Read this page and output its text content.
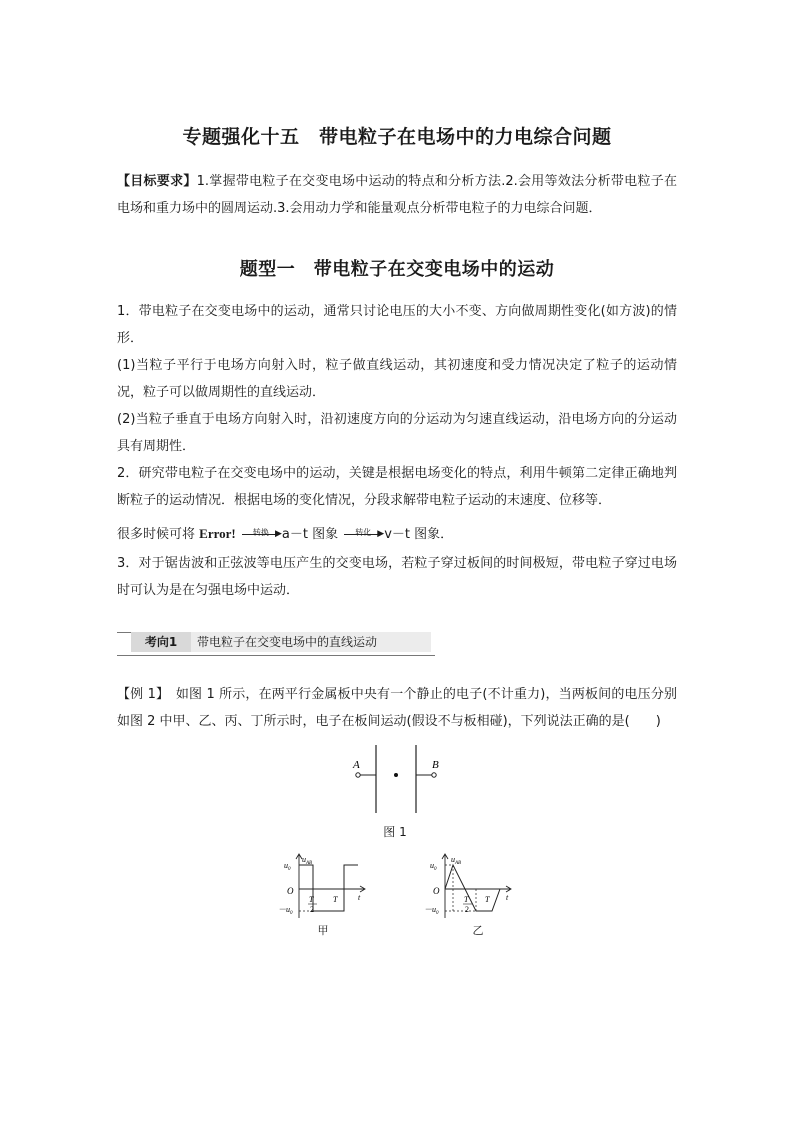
专题强化十五　带电粒子在电场中的力电综合问题
【目标要求】1.掌握带电粒子在交变电场中运动的特点和分析方法.2.会用等效法分析带电粒子在电场和重力场中的圆周运动.3.会用动力学和能量观点分析带电粒子的力电综合问题．
题型一　带电粒子在交变电场中的运动
1．带电粒子在交变电场中的运动，通常只讨论电压的大小不变、方向做周期性变化(如方波)的情形．
(1)当粒子平行于电场方向射入时，粒子做直线运动，其初速度和受力情况决定了粒子的运动情况，粒子可以做周期性的直线运动．
(2)当粒子垂直于电场方向射入时，沿初速度方向的分运动为匀速直线运动，沿电场方向的分运动具有周期性．
2．研究带电粒子在交变电场中的运动，关键是根据电场变化的特点，利用牛顿第二定律正确地判断粒子的运动情况．根据电场的变化情况，分段求解带电粒子运动的末速度、位移等．
很多时候可将 Error!	转换 ▶ a－t 图象	转化 ▶ v－t 图象．
3．对于锯齿波和正弦波等电压产生的交变电场，若粒子穿过板间的时间极短，带电粒子穿过电场时可认为是在匀强电场中运动．
考向1	带电粒子在交变电场中的直线运动
【例 1】　如图 1 所示，在两平行金属板中央有一个静止的电子(不计重力)，当两板间的电压分别如图 2 中甲、乙、丙、丁所示时，电子在板间运动(假设不与板相碰)，下列说法正确的是(　　)
A	B
图 1
$u_{AB}$
$u_0$
$-u_0$
O
T
2
T	t
甲
$u_{AB}$
$u_0$
$-u_0$
O
T
2
T t
乙
